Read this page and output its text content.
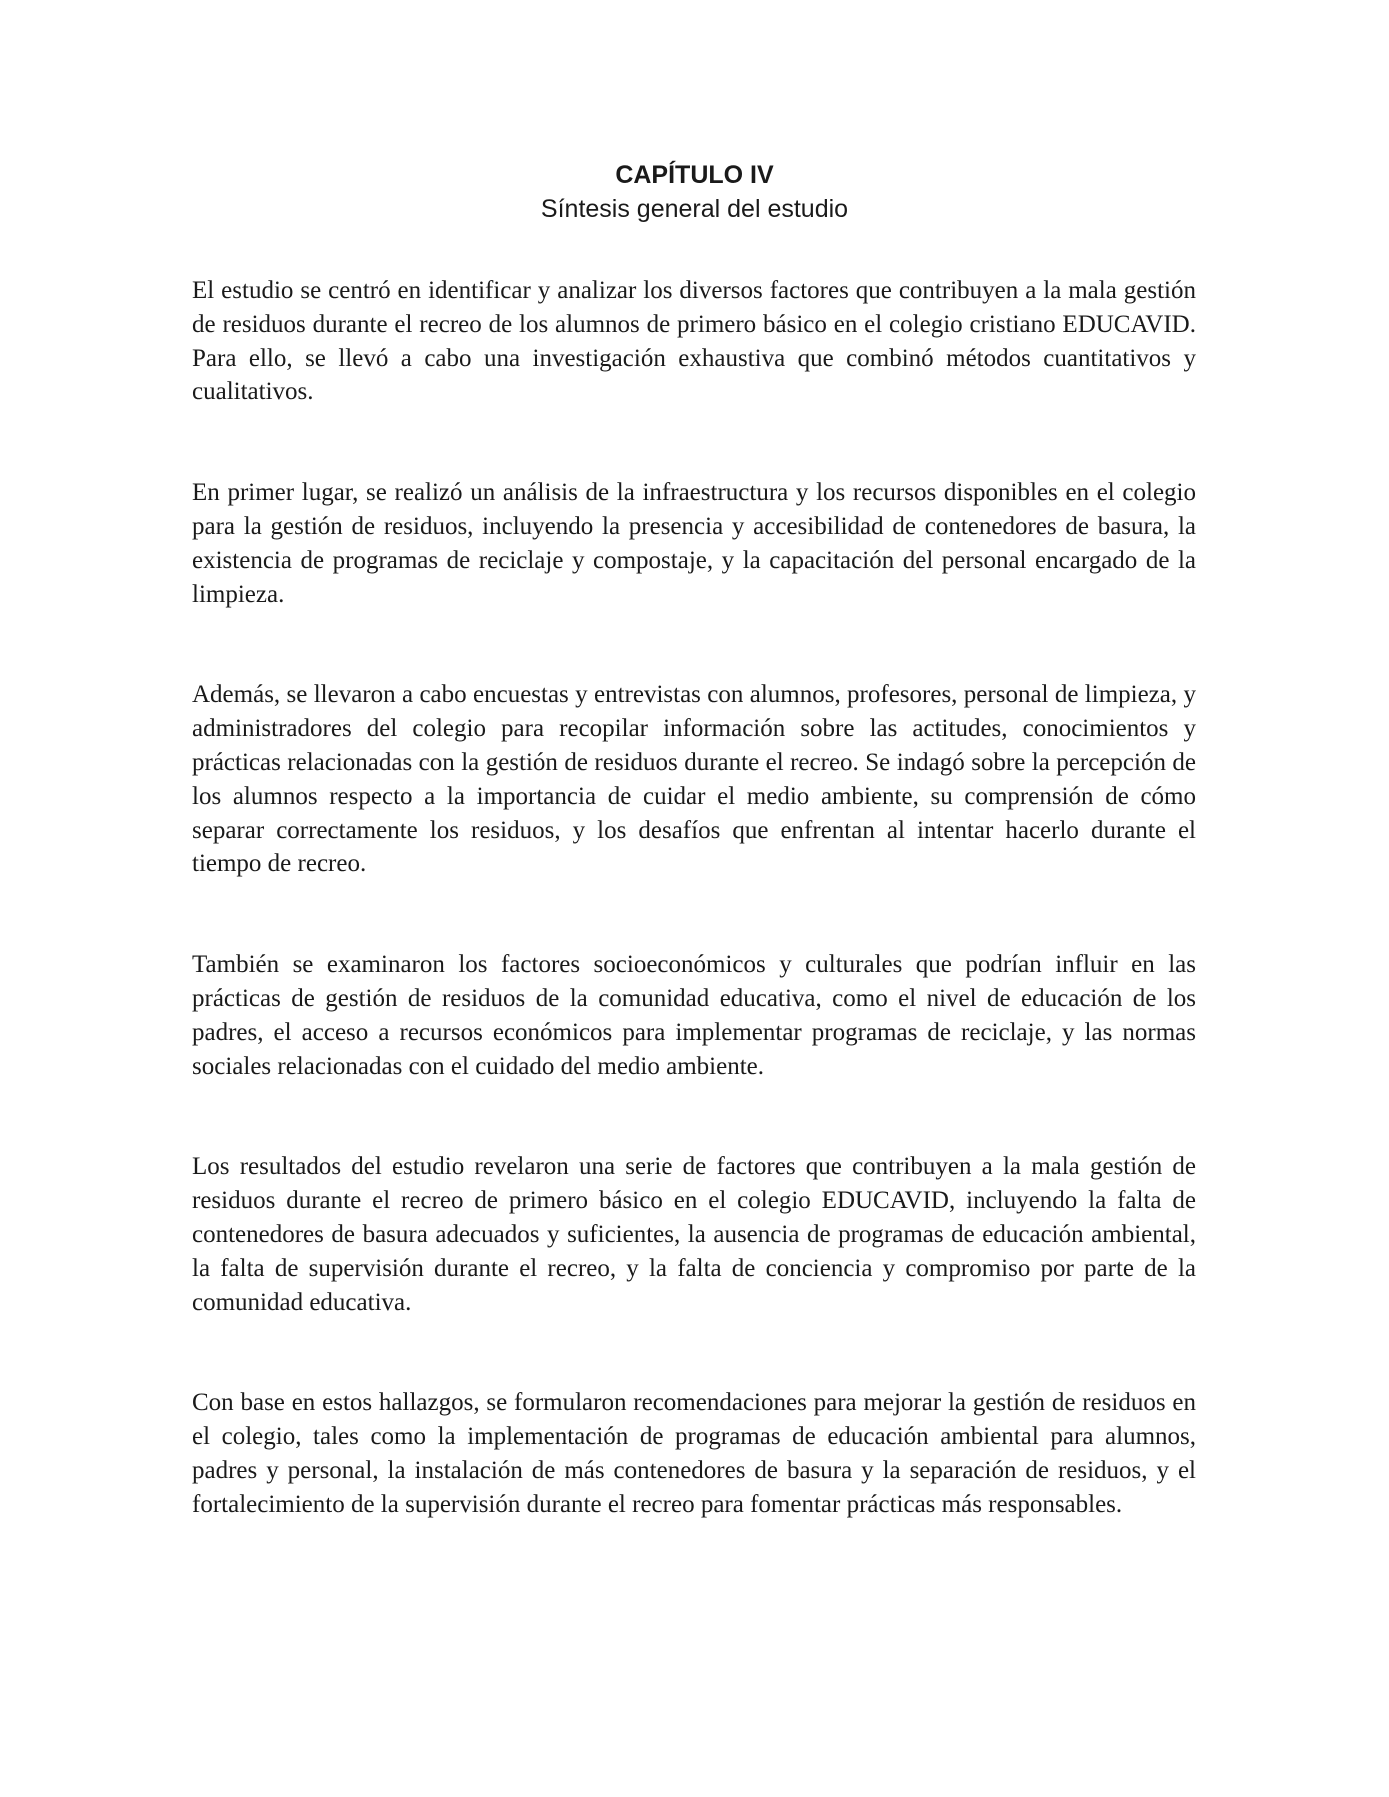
CAPÍTULO IV
Síntesis general del estudio

El estudio se centró en identificar y analizar los diversos factores que contribuyen a la mala gestión de residuos durante el recreo de los alumnos de primero básico en el colegio cristiano EDUCAVID. Para ello, se llevó a cabo una investigación exhaustiva que combinó métodos cuantitativos y cualitativos.

En primer lugar, se realizó un análisis de la infraestructura y los recursos disponibles en el colegio para la gestión de residuos, incluyendo la presencia y accesibilidad de contenedores de basura, la existencia de programas de reciclaje y compostaje, y la capacitación del personal encargado de la limpieza.

Además, se llevaron a cabo encuestas y entrevistas con alumnos, profesores, personal de limpieza, y administradores del colegio para recopilar información sobre las actitudes, conocimientos y prácticas relacionadas con la gestión de residuos durante el recreo. Se indagó sobre la percepción de los alumnos respecto a la importancia de cuidar el medio ambiente, su comprensión de cómo separar correctamente los residuos, y los desafíos que enfrentan al intentar hacerlo durante el tiempo de recreo.

También se examinaron los factores socioeconómicos y culturales que podrían influir en las prácticas de gestión de residuos de la comunidad educativa, como el nivel de educación de los padres, el acceso a recursos económicos para implementar programas de reciclaje, y las normas sociales relacionadas con el cuidado del medio ambiente.

Los resultados del estudio revelaron una serie de factores que contribuyen a la mala gestión de residuos durante el recreo de primero básico en el colegio EDUCAVID, incluyendo la falta de contenedores de basura adecuados y suficientes, la ausencia de programas de educación ambiental, la falta de supervisión durante el recreo, y la falta de conciencia y compromiso por parte de la comunidad educativa.

Con base en estos hallazgos, se formularon recomendaciones para mejorar la gestión de residuos en el colegio, tales como la implementación de programas de educación ambiental para alumnos, padres y personal, la instalación de más contenedores de basura y la separación de residuos, y el fortalecimiento de la supervisión durante el recreo para fomentar prácticas más responsables.
